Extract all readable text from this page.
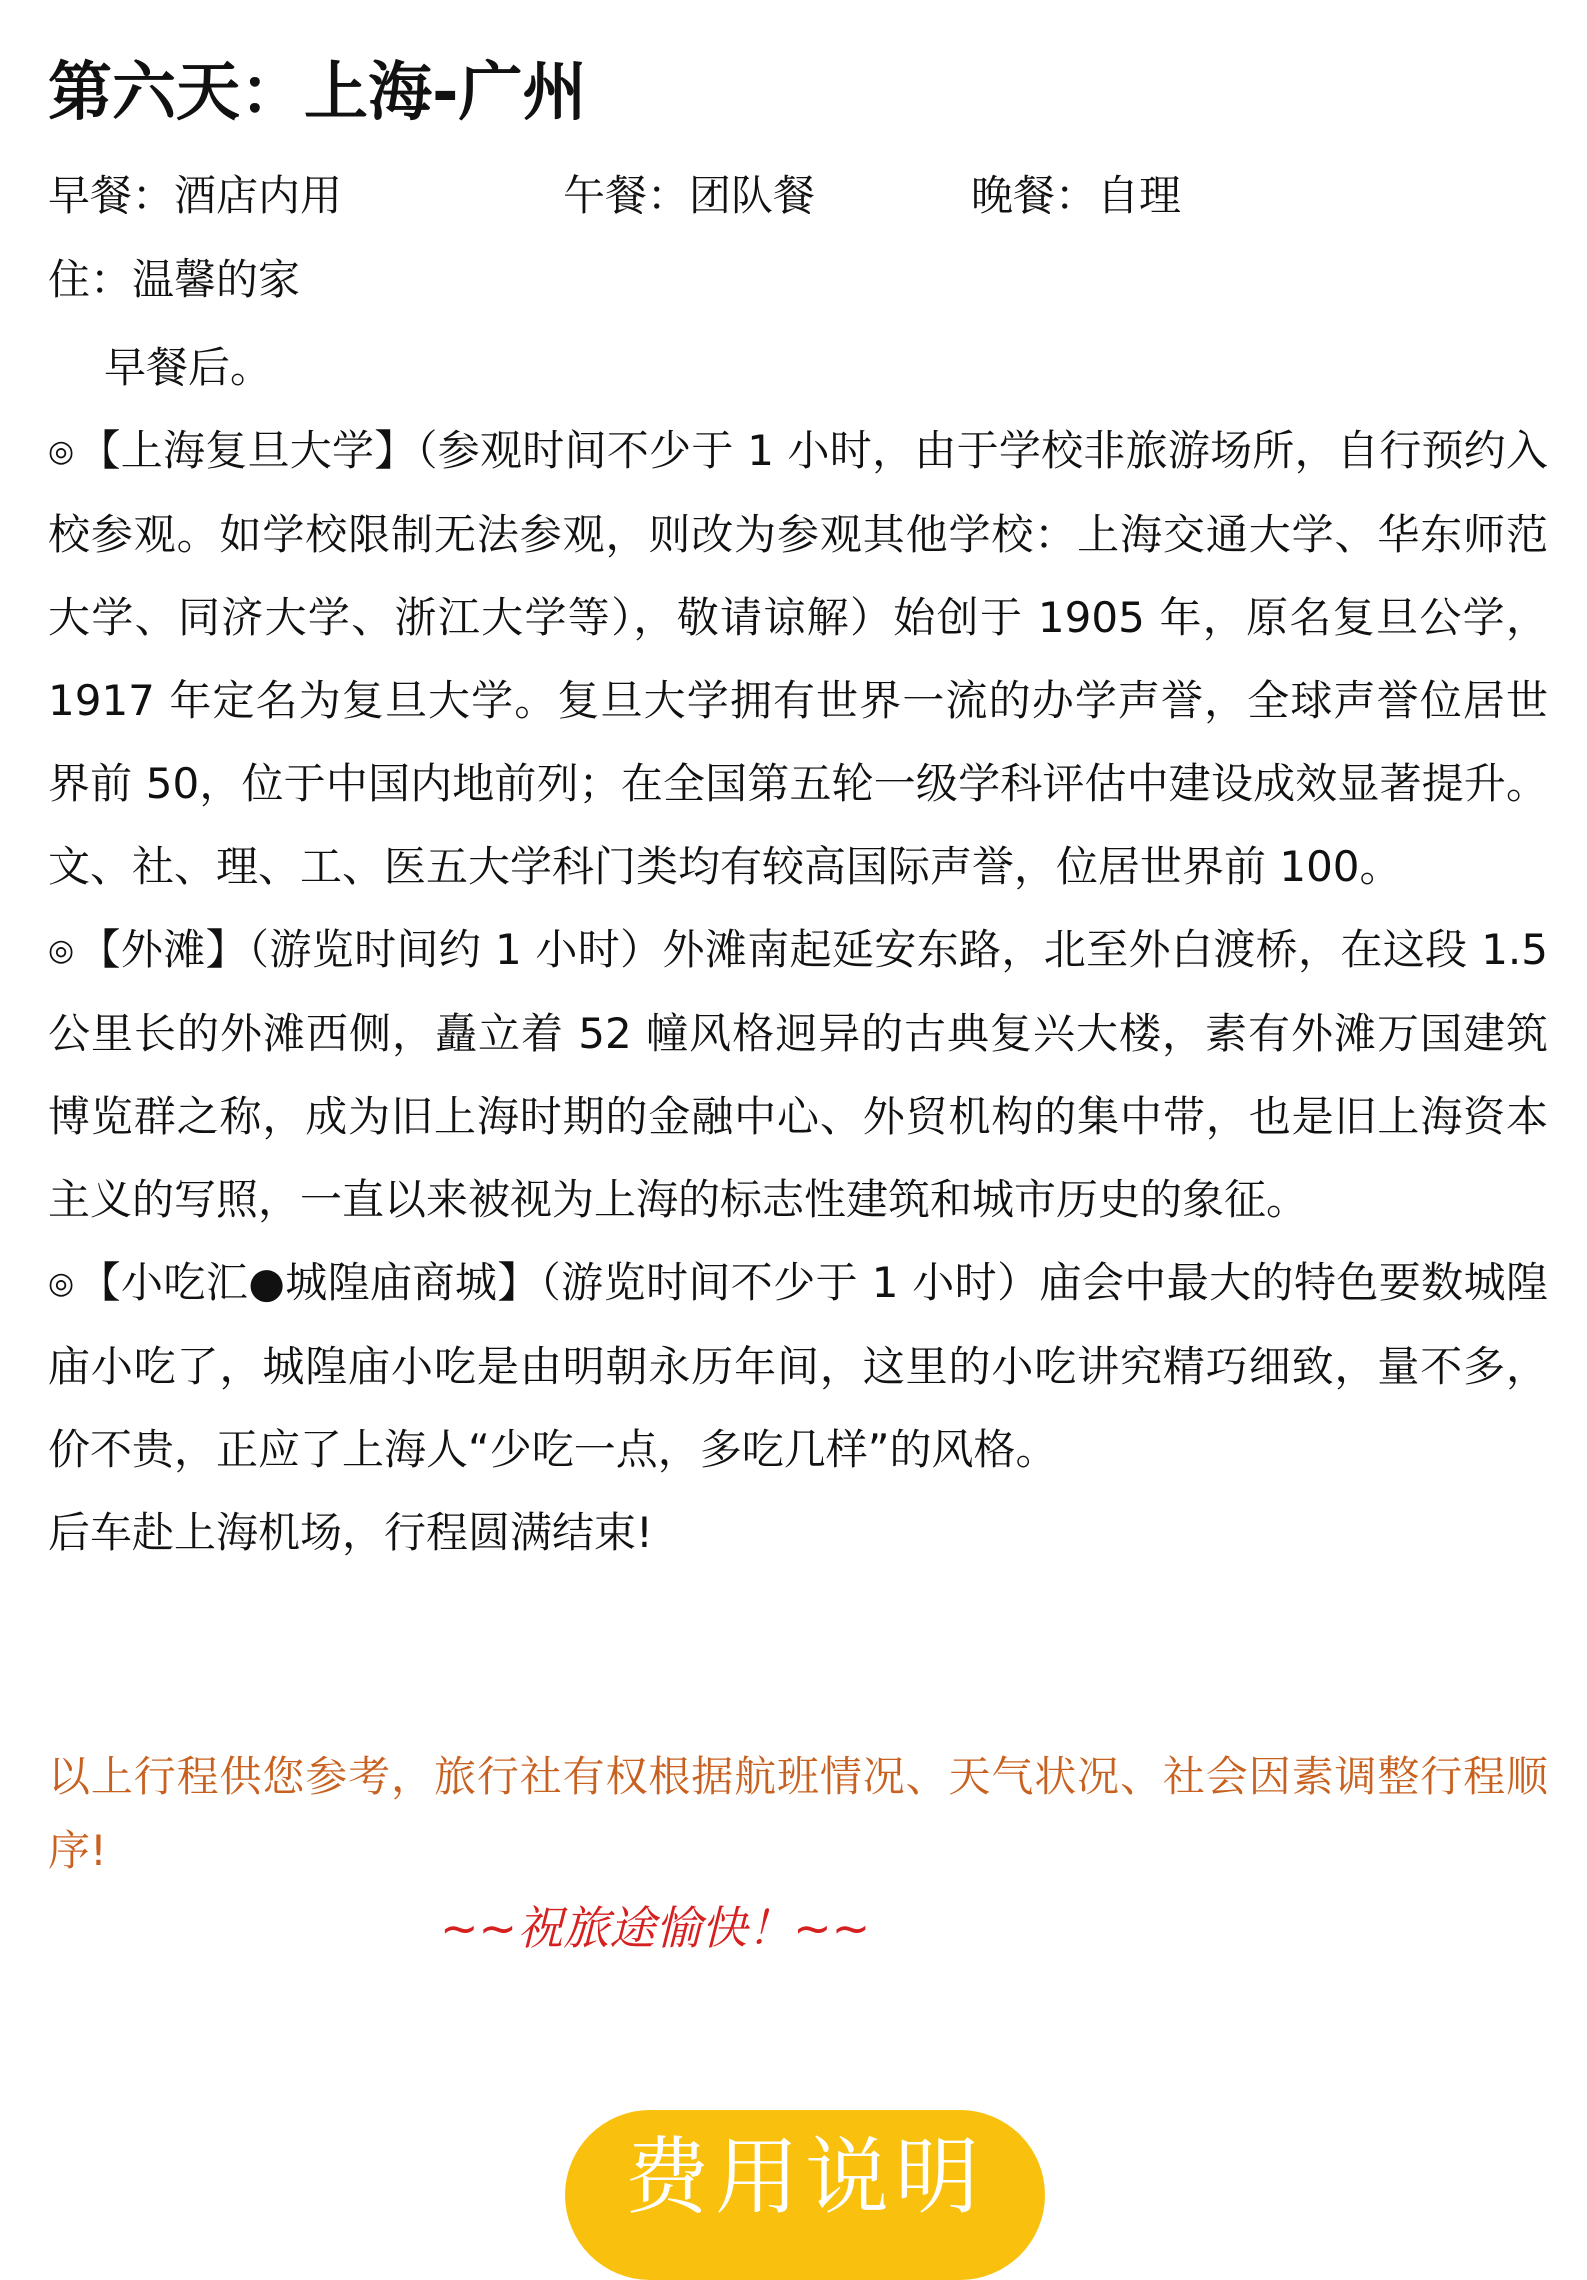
第六天：上海-广州
早餐：酒店内用	午餐：团队餐	晚餐：自理
住：温馨的家

早餐后。

◎【上海复旦大学】（参观时间不少于 1 小时，由于学校非旅游场所，自行预约入校参观。如学校限制无法参观，则改为参观其他学校：上海交通大学、华东师范大学、同济大学、浙江大学等），敬请谅解）始创于 1905 年，原名复旦公学，1917 年定名为复旦大学。复旦大学拥有世界一流的办学声誉，全球声誉位居世界前 50，位于中国内地前列；在全国第五轮一级学科评估中建设成效显著提升。文、社、理、工、医五大学科门类均有较高国际声誉，位居世界前 100。

◎【外滩】（游览时间约 1 小时）外滩南起延安东路，北至外白渡桥，在这段 1.5 公里长的外滩西侧，矗立着 52 幢风格迥异的古典复兴大楼，素有外滩万国建筑博览群之称，成为旧上海时期的金融中心、外贸机构的集中带，也是旧上海资本主义的写照，一直以来被视为上海的标志性建筑和城市历史的象征。

◎【小吃汇●城隍庙商城】（游览时间不少于 1 小时）庙会中最大的特色要数城隍庙小吃了，城隍庙小吃是由明朝永历年间，这里的小吃讲究精巧细致，量不多，价不贵，正应了上海人“少吃一点，多吃几样”的风格。

后车赴上海机场，行程圆满结束!

以上行程供您参考，旅行社有权根据航班情况、天气状况、社会因素调整行程顺序!
~~祝旅途愉快！~~
费用说明
